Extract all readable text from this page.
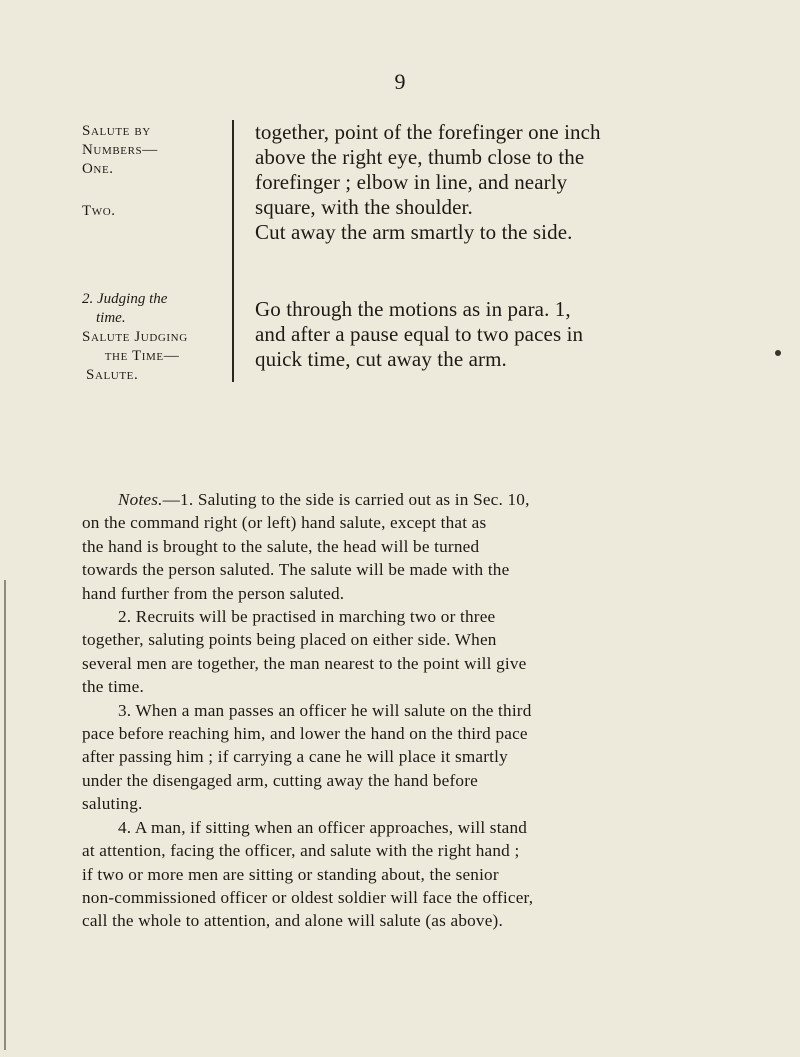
9
Salute by
Numbers—
One.
Two.
2. Judging the
time.
Salute Judging
the Time—
Salute.
together, point of the forefinger one inch
above the right eye, thumb close to the
forefinger ; elbow in line, and nearly
square, with the shoulder.
Cut away the arm smartly to the side.
Go through the motions as in para. 1,
and after a pause equal to two paces in
quick time, cut away the arm.
Notes.—1. Saluting to the side is carried out as in Sec. 10,
on the command right (or left) hand salute, except that as
the hand is brought to the salute, the head will be turned
towards the person saluted. The salute will be made with the
hand further from the person saluted.
2. Recruits will be practised in marching two or three
together, saluting points being placed on either side. When
several men are together, the man nearest to the point will give
the time.
3. When a man passes an officer he will salute on the third
pace before reaching him, and lower the hand on the third pace
after passing him ; if carrying a cane he will place it smartly
under the disengaged arm, cutting away the hand before
saluting.
4. A man, if sitting when an officer approaches, will stand
at attention, facing the officer, and salute with the right hand ;
if two or more men are sitting or standing about, the senior
non-commissioned officer or oldest soldier will face the officer,
call the whole to attention, and alone will salute (as above).
